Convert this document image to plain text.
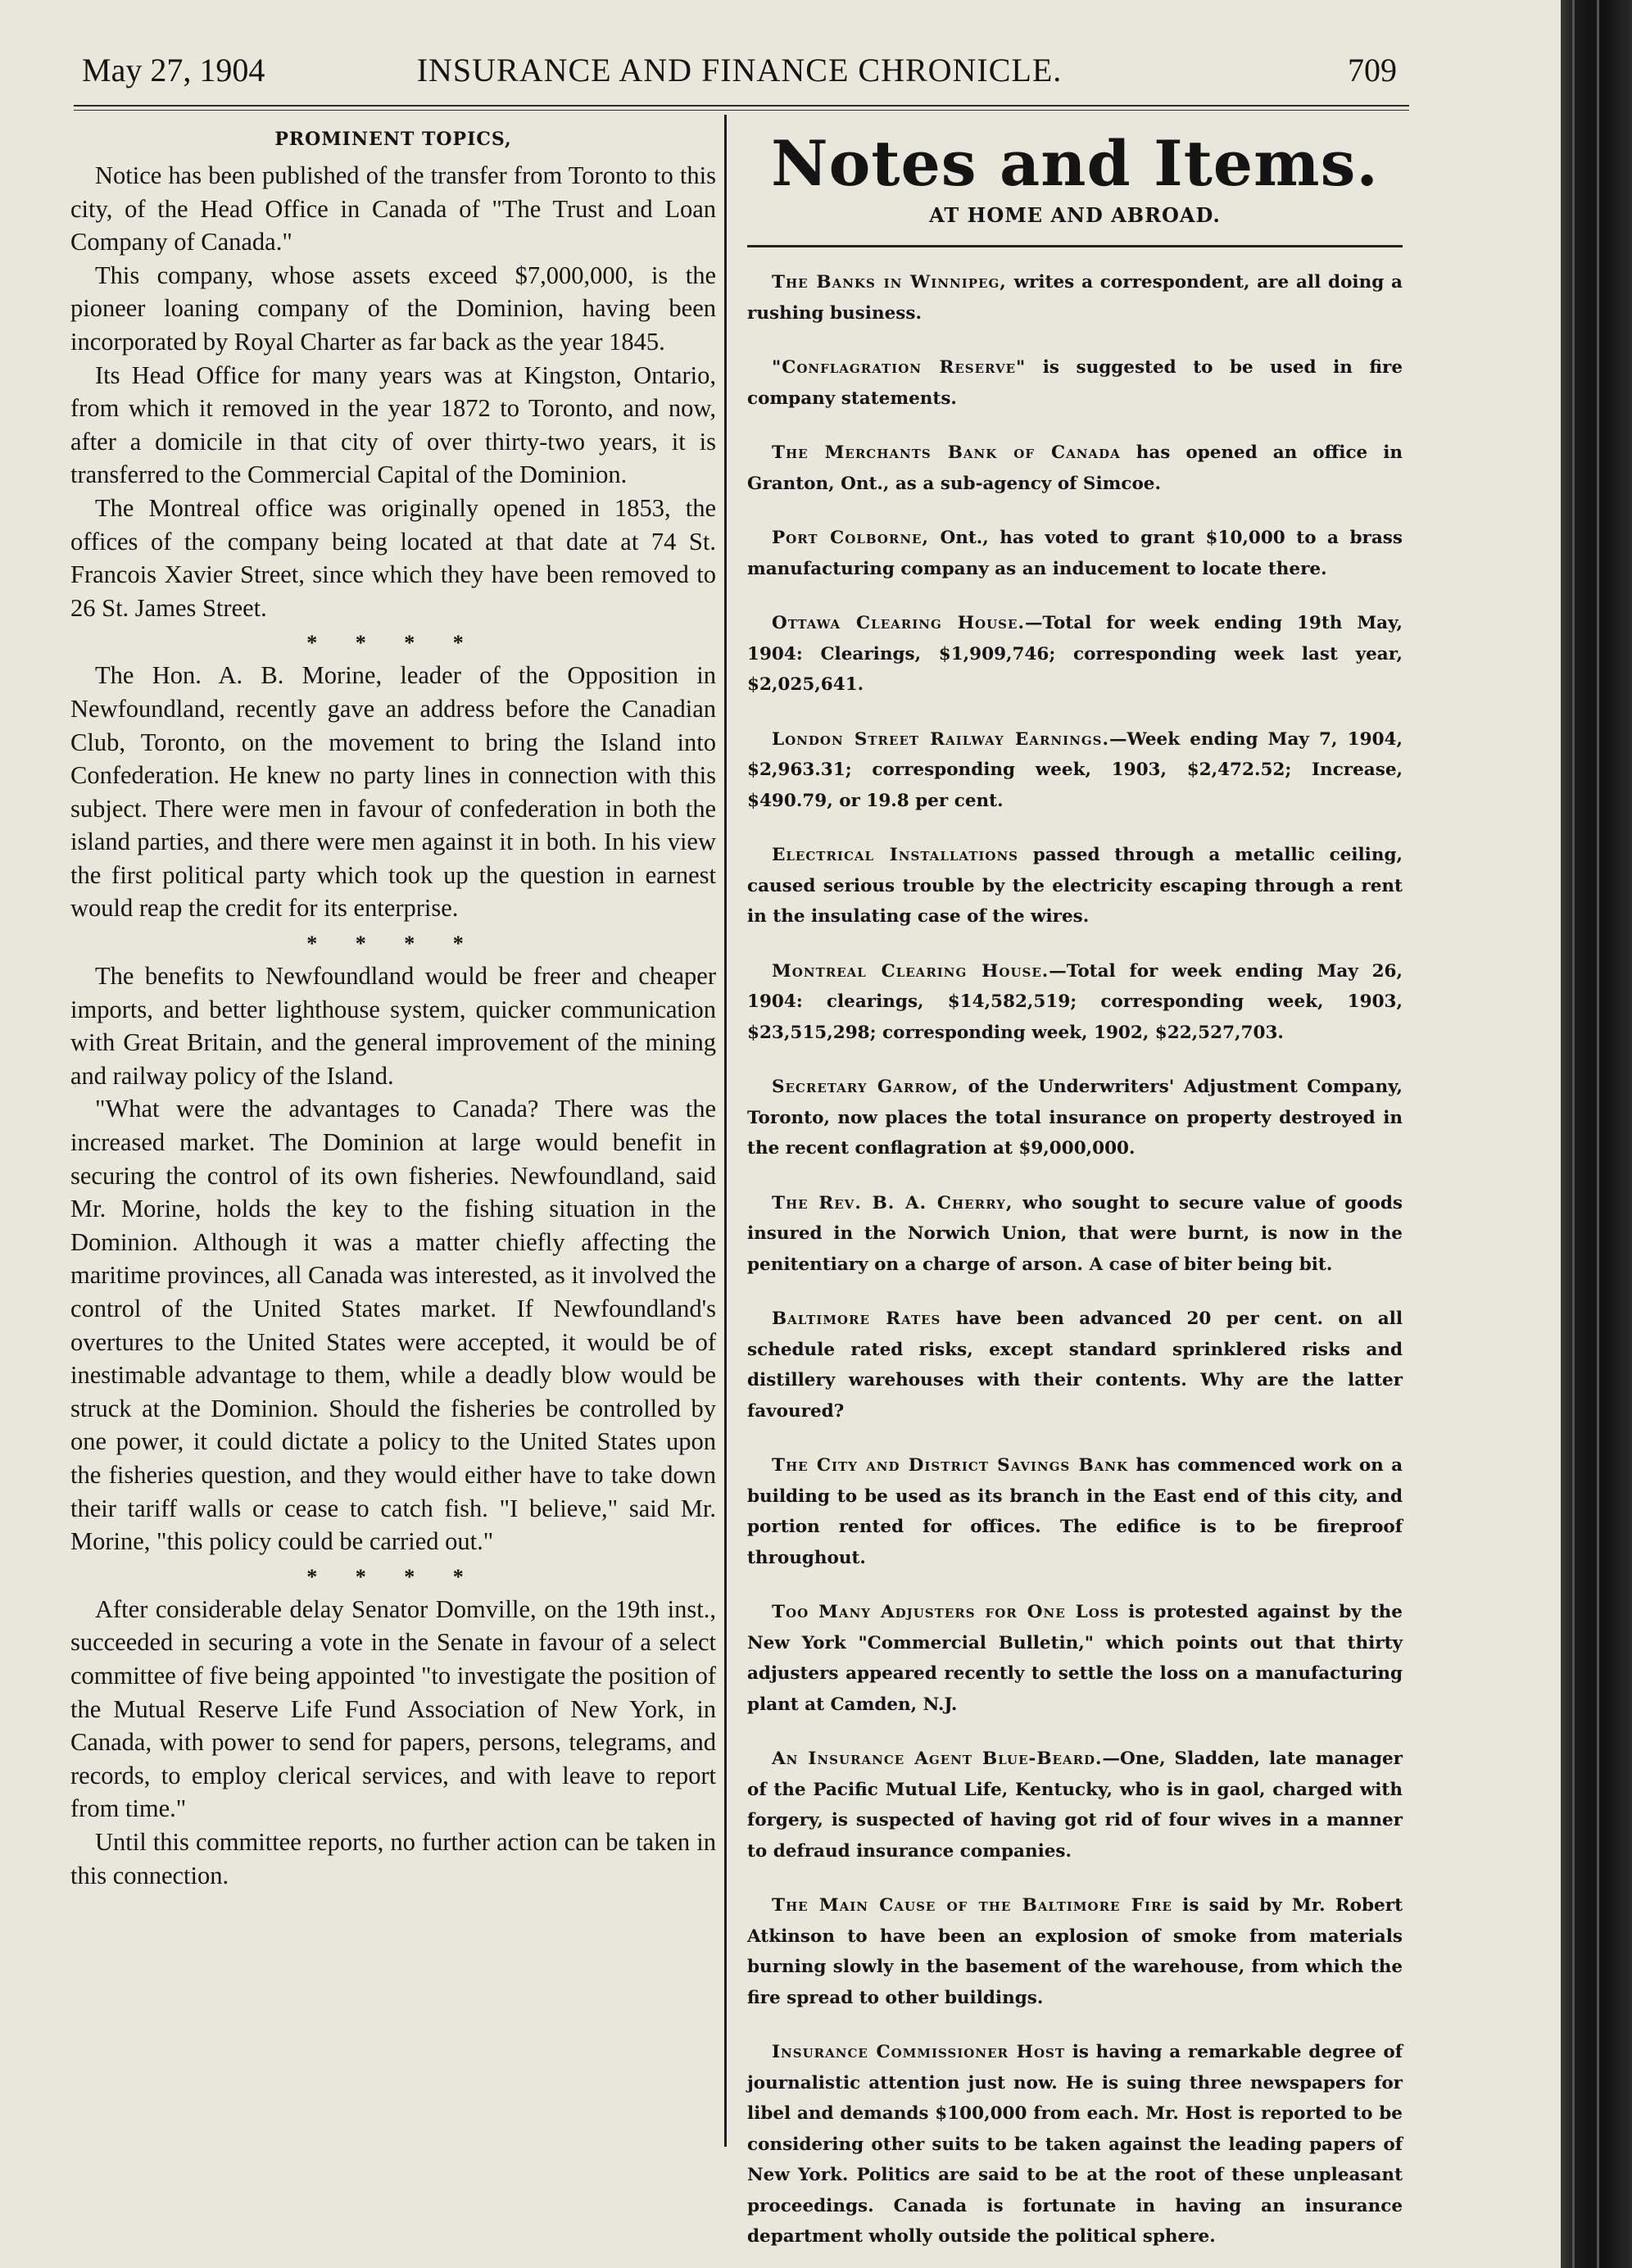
May 27, 1904	INSURANCE AND FINANCE CHRONICLE.	709
PROMINENT TOPICS,

Notice has been published of the transfer from Toronto to this city, of the Head Office in Canada of "The Trust and Loan Company of Canada."

This company, whose assets exceed $7,000,000, is the pioneer loaning company of the Dominion, having been incorporated by Royal Charter as far back as the year 1845.

Its Head Office for many years was at Kingston, Ontario, from which it removed in the year 1872 to Toronto, and now, after a domicile in that city of over thirty-two years, it is transferred to the Commercial Capital of the Dominion.

The Montreal office was originally opened in 1853, the offices of the company being located at that date at 74 St. Francois Xavier Street, since which they have been removed to 26 St. James Street.

* * * *

The Hon. A. B. Morine, leader of the Opposition in Newfoundland, recently gave an address before the Canadian Club, Toronto, on the movement to bring the Island into Confederation. He knew no party lines in connection with this subject. There were men in favour of confederation in both the island parties, and there were men against it in both. In his view the first political party which took up the question in earnest would reap the credit for its enterprise.

* * * *

The benefits to Newfoundland would be freer and cheaper imports, and better lighthouse system, quicker communication with Great Britain, and the general improvement of the mining and railway policy of the Island.

"What were the advantages to Canada? There was the increased market. The Dominion at large would benefit in securing the control of its own fisheries. Newfoundland, said Mr. Morine, holds the key to the fishing situation in the Dominion. Although it was a matter chiefly affecting the maritime provinces, all Canada was interested, as it involved the control of the United States market. If Newfoundland's overtures to the United States were accepted, it would be of inestimable advantage to them, while a deadly blow would be struck at the Dominion. Should the fisheries be controlled by one power, it could dictate a policy to the United States upon the fisheries question, and they would either have to take down their tariff walls or cease to catch fish. "I believe," said Mr. Morine, "this policy could be carried out."

* * * *

After considerable delay Senator Domville, on the 19th inst., succeeded in securing a vote in the Senate in favour of a select committee of five being appointed "to investigate the position of the Mutual Reserve Life Fund Association of New York, in Canada, with power to send for papers, persons, telegrams, and records, to employ clerical services, and with leave to report from time."

Until this committee reports, no further action can be taken in this connection.

Notes and Items.
AT HOME AND ABROAD.
The Banks in Winnipeg, writes a correspondent, are all doing a rushing business.
"Conflagration Reserve" is suggested to be used in fire company statements.
The Merchants Bank of Canada has opened an office in Granton, Ont., as a sub-agency of Simcoe.
Port Colborne, Ont., has voted to grant $10,000 to a brass manufacturing company as an inducement to locate there.
Ottawa Clearing House.—Total for week ending 19th May, 1904: Clearings, $1,909,746; corresponding week last year, $2,025,641.
London Street Railway Earnings.—Week ending May 7, 1904, $2,963.31; corresponding week, 1903, $2,472.52; Increase, $490.79, or 19.8 per cent.
Electrical Installations passed through a metallic ceiling, caused serious trouble by the electricity escaping through a rent in the insulating case of the wires.
Montreal Clearing House.—Total for week ending May 26, 1904: clearings, $14,582,519; corresponding week, 1903, $23,515,298; corresponding week, 1902, $22,527,703.
Secretary Garrow, of the Underwriters' Adjustment Company, Toronto, now places the total insurance on property destroyed in the recent conflagration at $9,000,000.
The Rev. B. A. Cherry, who sought to secure value of goods insured in the Norwich Union, that were burnt, is now in the penitentiary on a charge of arson. A case of biter being bit.
Baltimore Rates have been advanced 20 per cent. on all schedule rated risks, except standard sprinklered risks and distillery warehouses with their contents. Why are the latter favoured?
The City and District Savings Bank has commenced work on a building to be used as its branch in the East end of this city, and portion rented for offices. The edifice is to be fireproof throughout.
Too Many Adjusters for One Loss is protested against by the New York "Commercial Bulletin," which points out that thirty adjusters appeared recently to settle the loss on a manufacturing plant at Camden, N.J.
An Insurance Agent Blue-Beard.—One, Sladden, late manager of the Pacific Mutual Life, Kentucky, who is in gaol, charged with forgery, is suspected of having got rid of four wives in a manner to defraud insurance companies.
The Main Cause of the Baltimore Fire is said by Mr. Robert Atkinson to have been an explosion of smoke from materials burning slowly in the basement of the warehouse, from which the fire spread to other buildings.
Insurance Commissioner Host is having a remarkable degree of journalistic attention just now. He is suing three newspapers for libel and demands $100,000 from each. Mr. Host is reported to be considering other suits to be taken against the leading papers of New York. Politics are said to be at the root of these unpleasant proceedings. Canada is fortunate in having an insurance department wholly outside the political sphere.
